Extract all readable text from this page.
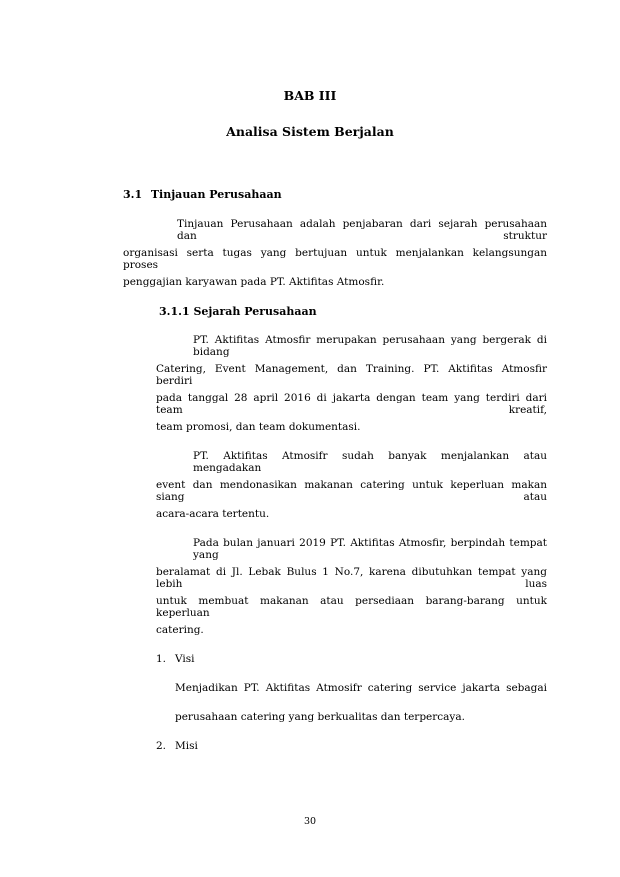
BAB III
Analisa Sistem Berjalan
3.1 Tinjauan Perusahaan
Tinjauan Perusahaan adalah penjabaran dari sejarah perusahaan dan struktur
organisasi serta tugas yang bertujuan untuk menjalankan kelangsungan proses
penggajian karyawan pada PT. Aktifitas Atmosfir.
3.1.1 Sejarah Perusahaan
PT. Aktifitas Atmosfir merupakan perusahaan yang bergerak di bidang
Catering, Event Management, dan Training. PT. Aktifitas Atmosfir berdiri
pada tanggal 28 april 2016 di jakarta dengan team yang terdiri dari team kreatif,
team promosi, dan team dokumentasi.
PT. Aktifitas Atmosifr sudah banyak menjalankan atau mengadakan
event dan mendonasikan makanan catering untuk keperluan makan siang atau
acara-acara tertentu.
Pada bulan januari 2019 PT. Aktifitas Atmosfir, berpindah tempat yang
beralamat di Jl. Lebak Bulus 1 No.7, karena dibutuhkan tempat yang lebih luas
untuk membuat makanan atau persediaan barang-barang untuk keperluan
catering.
1. Visi
Menjadikan PT. Aktifitas Atmosifr catering service jakarta sebagai
perusahaan catering yang berkualitas dan terpercaya.
2. Misi
30
